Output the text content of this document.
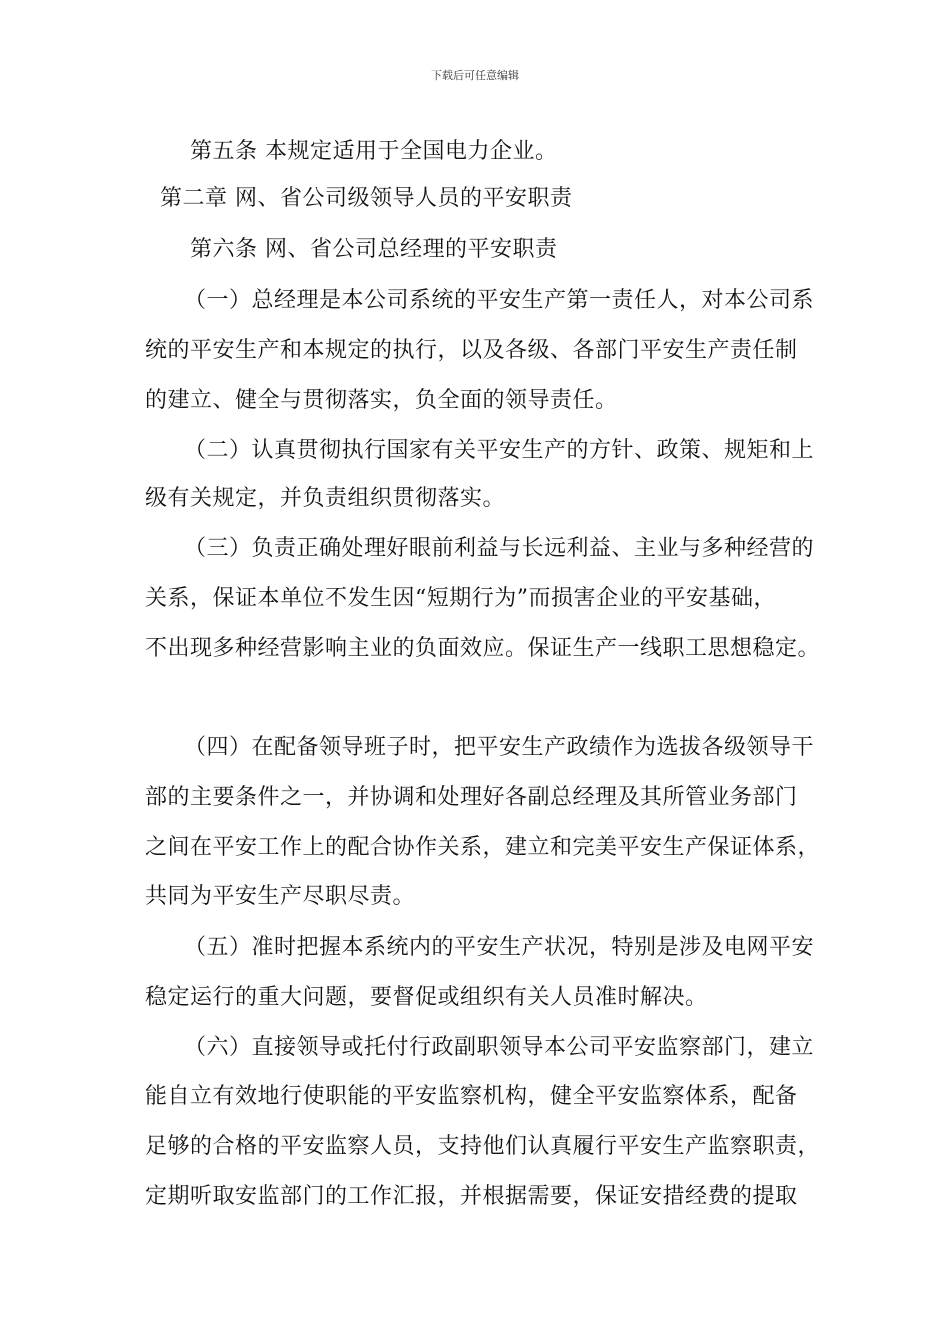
下载后可任意编辑
第五条 本规定适用于全国电力企业。
第二章 网、省公司级领导人员的平安职责
第六条 网、省公司总经理的平安职责
（一）总经理是本公司系统的平安生产第一责任人，对本公司系
统的平安生产和本规定的执行，以及各级、各部门平安生产责任制
的建立、健全与贯彻落实，负全面的领导责任。
（二）认真贯彻执行国家有关平安生产的方针、政策、规矩和上
级有关规定，并负责组织贯彻落实。
（三）负责正确处理好眼前利益与长远利益、主业与多种经营的
关系，保证本单位不发生因“短期行为”而损害企业的平安基础，
不出现多种经营影响主业的负面效应。保证生产一线职工思想稳定。
（四）在配备领导班子时，把平安生产政绩作为选拔各级领导干
部的主要条件之一，并协调和处理好各副总经理及其所管业务部门
之间在平安工作上的配合协作关系，建立和完美平安生产保证体系，
共同为平安生产尽职尽责。
（五）准时把握本系统内的平安生产状况，特别是涉及电网平安
稳定运行的重大问题，要督促或组织有关人员准时解决。
（六）直接领导或托付行政副职领导本公司平安监察部门，建立
能自立有效地行使职能的平安监察机构，健全平安监察体系，配备
足够的合格的平安监察人员，支持他们认真履行平安生产监察职责，
定期听取安监部门的工作汇报，并根据需要，保证安措经费的提取
